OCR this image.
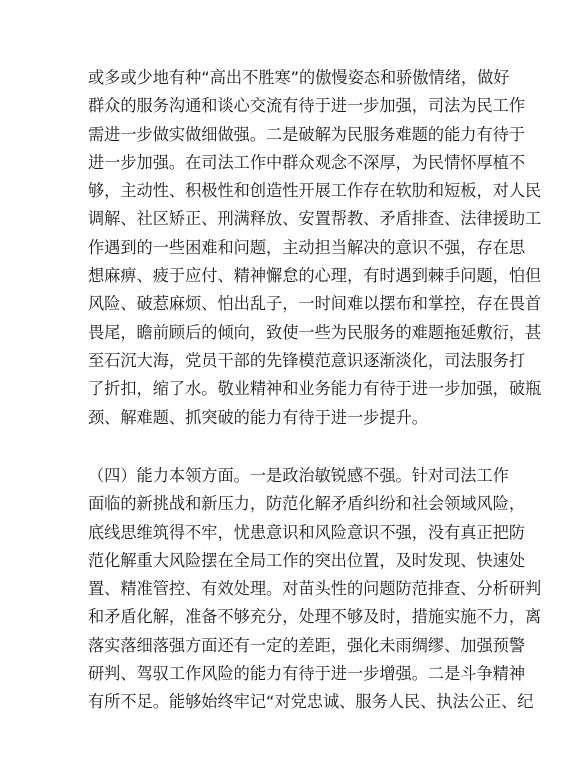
或多或少地有种“高出不胜寒”的傲慢姿态和骄傲情绪，做好
群众的服务沟通和谈心交流有待于进一步加强，司法为民工作
需进一步做实做细做强。二是破解为民服务难题的能力有待于
进一步加强。在司法工作中群众观念不深厚，为民情怀厚植不
够，主动性、积极性和创造性开展工作存在软肋和短板，对人民
调解、社区矫正、刑满释放、安置帮教、矛盾排查、法律援助工
作遇到的一些困难和问题，主动担当解决的意识不强，存在思
想麻痹、疲于应付、精神懈怠的心理，有时遇到棘手问题，怕但
风险、破惹麻烦、怕出乱子，一时间难以摆布和掌控，存在畏首
畏尾，瞻前顾后的倾向，致使一些为民服务的难题拖延敷衍，甚
至石沉大海，党员干部的先锋模范意识逐渐淡化，司法服务打
了折扣，缩了水。敬业精神和业务能力有待于进一步加强，破瓶
颈、解难题、抓突破的能力有待于进一步提升。
（四）能力本领方面。一是政治敏锐感不强。针对司法工作
面临的新挑战和新压力，防范化解矛盾纠纷和社会领域风险，
底线思维筑得不牢，忧患意识和风险意识不强，没有真正把防
范化解重大风险摆在全局工作的突出位置，及时发现、快速处
置、精准管控、有效处理。对苗头性的问题防范排查、分析研判
和矛盾化解，准备不够充分，处理不够及时，措施实施不力，离
落实落细落强方面还有一定的差距，强化未雨绸缪、加强预警
研判、驾驭工作风险的能力有待于进一步增强。二是斗争精神
有所不足。能够始终牢记“对党忠诚、服务人民、执法公正、纪
